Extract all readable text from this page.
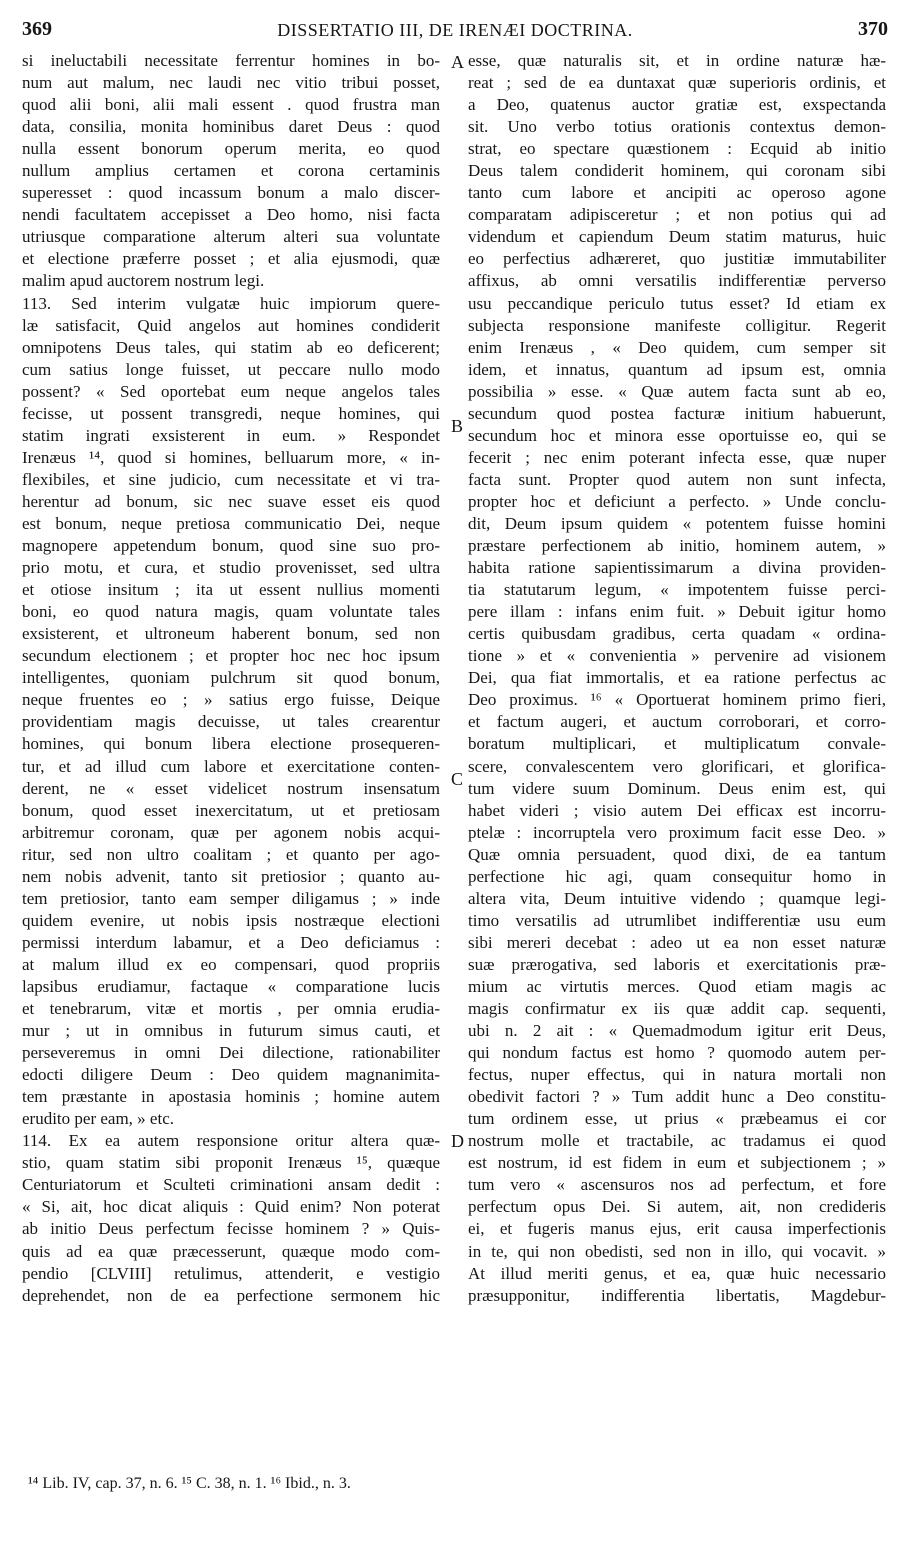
369	DISSERTATIO III, DE IRENÆI DOCTRINA.	370
si ineluctabili necessitate ferrentur homines in bo-
num aut malum, nec laudi nec vitio tribui posset,
quod alii boni, alii mali essent . quod frustra man
data, consilia, monita hominibus daret Deus : quod
nulla essent bonorum operum merita, eo quod
nullum amplius certamen et corona certaminis
superesset : quod incassum bonum a malo discer-
nendi facultatem accepisset a Deo homo, nisi facta
utriusque comparatione alterum alteri sua voluntate
et electione præferre posset ; et alia ejusmodi, quæ
malim apud auctorem nostrum legi.
113. Sed interim vulgatæ huic impiorum quere-
læ satisfacit, Quid angelos aut homines condiderit
omnipotens Deus tales, qui statim ab eo deficerent;
cum satius longe fuisset, ut peccare nullo modo
possent? « Sed oportebat eum neque angelos tales
fecisse, ut possent transgredi, neque homines, qui
statim ingrati exsisterent in eum. » Respondet
Irenæus ¹⁴, quod si homines, belluarum more, « in-
flexibiles, et sine judicio, cum necessitate et vi tra-
herentur ad bonum, sic nec suave esset eis quod
est bonum, neque pretiosa communicatio Dei, neque
magnopere appetendum bonum, quod sine suo pro-
prio motu, et cura, et studio provenisset, sed ultra
et otiose insitum ; ita ut essent nullius momenti
boni, eo quod natura magis, quam voluntate tales
exsisterent, et ultroneum haberent bonum, sed non
secundum electionem ; et propter hoc nec hoc ipsum
intelligentes, quoniam pulchrum sit quod bonum,
neque fruentes eo ; » satius ergo fuisse, Deique
providentiam magis decuisse, ut tales crearentur
homines, qui bonum libera electione prosequeren-
tur, et ad illud cum labore et exercitatione conten-
derent, ne « esset videlicet nostrum insensatum
bonum, quod esset inexercitatum, ut et pretiosam
arbitremur coronam, quæ per agonem nobis acqui-
ritur, sed non ultro coalitam ; et quanto per ago-
nem nobis advenit, tanto sit pretiosior ; quanto au-
tem pretiosior, tanto eam semper diligamus ; » inde
quidem evenire, ut nobis ipsis nostræque electioni
permissi interdum labamur, et a Deo deficiamus :
at malum illud ex eo compensari, quod propriis
lapsibus erudiamur, factaque « comparatione lucis
et tenebrarum, vitæ et mortis , per omnia erudia-
mur ; ut in omnibus in futurum simus cauti, et
perseveremus in omni Dei dilectione, rationabiliter
edocti diligere Deum : Deo quidem magnanimita-
tem præstante in apostasia hominis ; homine autem
erudito per eam, » etc.
114. Ex ea autem responsione oritur altera quæ-
stio, quam statim sibi proponit Irenæus ¹⁵, quæque
Centuriatorum et Sculteti criminationi ansam dedit :
« Si, ait, hoc dicat aliquis : Quid enim? Non poterat
ab initio Deus perfectum fecisse hominem ? » Quis-
quis ad ea quæ præcesserunt, quæque modo com-
pendio [CLVIII] retulimus, attenderit, e vestigio
deprehendet, non de ea perfectione sermonem hic
esse, quæ naturalis sit, et in ordine naturæ hæ-
reat ; sed de ea duntaxat quæ superioris ordinis, et
a Deo, quatenus auctor gratiæ est, exspectanda
sit. Uno verbo totius orationis contextus demon-
strat, eo spectare quæstionem : Ecquid ab initio
Deus talem condiderit hominem, qui coronam sibi
tanto cum labore et ancipiti ac operoso agone
comparatam adipisceretur ; et non potius qui ad
videndum et capiendum Deum statim maturus, huic
eo perfectius adhæreret, quo justitiæ immutabiliter
affixus, ab omni versatilis indifferentiæ perverso
usu peccandique periculo tutus esset? Id etiam ex
subjecta responsione manifeste colligitur. Regerit
enim Irenæus , « Deo quidem, cum semper sit
idem, et innatus, quantum ad ipsum est, omnia
possibilia » esse. « Quæ autem facta sunt ab eo,
secundum quod postea facturæ initium habuerunt,
secundum hoc et minora esse oportuisse eo, qui se
fecerit ; nec enim poterant infecta esse, quæ nuper
facta sunt. Propter quod autem non sunt infecta,
propter hoc et deficiunt a perfecto. » Unde conclu-
dit, Deum ipsum quidem « potentem fuisse homini
præstare perfectionem ab initio, hominem autem, »
habita ratione sapientissimarum a divina providen-
tia statutarum legum, « impotentem fuisse perci-
pere illam : infans enim fuit. » Debuit igitur homo
certis quibusdam gradibus, certa quadam « ordina-
tione » et « convenientia » pervenire ad visionem
Dei, qua fiat immortalis, et ea ratione perfectus ac
Deo proximus. ¹⁶ « Oportuerat hominem primo fieri,
et factum augeri, et auctum corroborari, et corro-
boratum multiplicari, et multiplicatum convale-
scere, convalescentem vero glorificari, et glorifica-
tum videre suum Dominum. Deus enim est, qui
habet videri ; visio autem Dei efficax est incorru-
ptelæ : incorruptela vero proximum facit esse Deo. »
Quæ omnia persuadent, quod dixi, de ea tantum
perfectione hic agi, quam consequitur homo in
altera vita, Deum intuitive videndo ; quamque legi-
timo versatilis ad utrumlibet indifferentiæ usu eum
sibi mereri decebat : adeo ut ea non esset naturæ
suæ prærogativa, sed laboris et exercitationis præ-
mium ac virtutis merces. Quod etiam magis ac
magis confirmatur ex iis quæ addit cap. sequenti,
ubi n. 2 ait : « Quemadmodum igitur erit Deus,
qui nondum factus est homo ? quomodo autem per-
fectus, nuper effectus, qui in natura mortali non
obedivit factori ? » Tum addit hunc a Deo constitu-
tum ordinem esse, ut prius « præbeamus ei cor
nostrum molle et tractabile, ac tradamus ei quod
est nostrum, id est fidem in eum et subjectionem ; »
tum vero « ascensuros nos ad perfectum, et fore
perfectum opus Dei. Si autem, ait, non credideris
ei, et fugeris manus ejus, erit causa imperfectionis
in te, qui non obedisti, sed non in illo, qui vocavit. »
At illud meriti genus, et ea, quæ huic necessario
præsupponitur, indifferentia libertatis, Magdebur-
A
B
C
D
¹⁴ Lib. IV, cap. 37, n. 6. ¹⁵ C. 38, n. 1. ¹⁶ Ibid., n. 3.
